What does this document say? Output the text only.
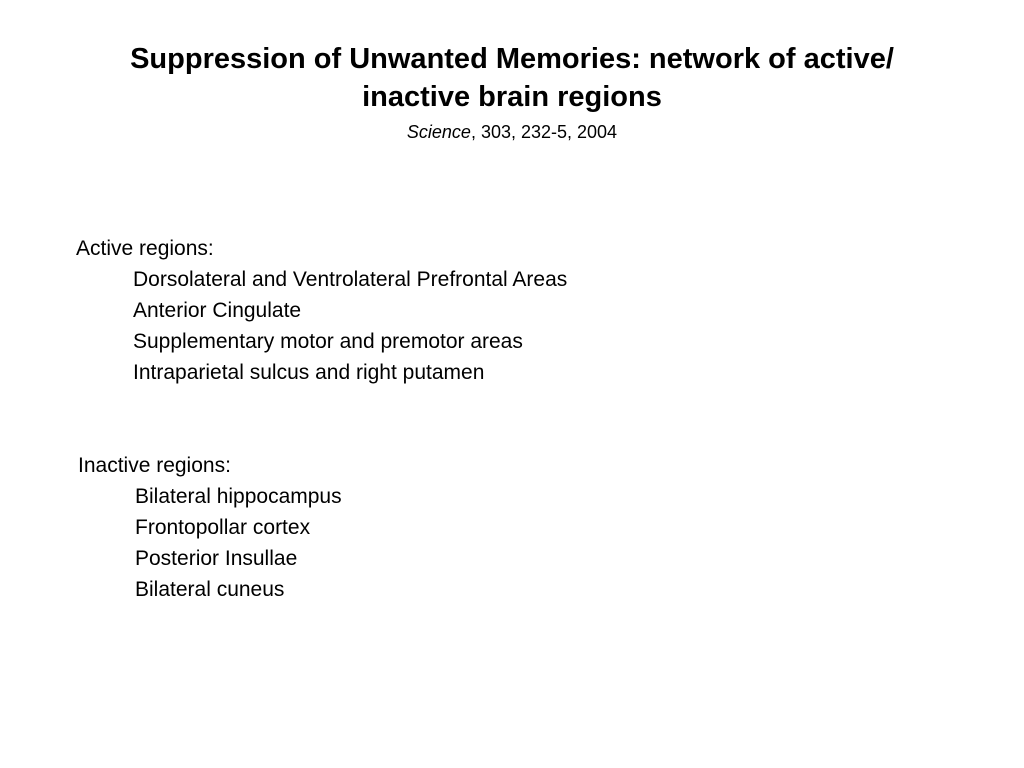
Suppression of Unwanted Memories: network of active/
inactive brain regions
Science, 303, 232-5, 2004
Active regions:
Dorsolateral and Ventrolateral Prefrontal Areas
Anterior Cingulate
Supplementary motor and premotor areas
Intraparietal sulcus and right putamen
Inactive regions:
Bilateral hippocampus
Frontopollar cortex
Posterior Insullae
Bilateral cuneus
